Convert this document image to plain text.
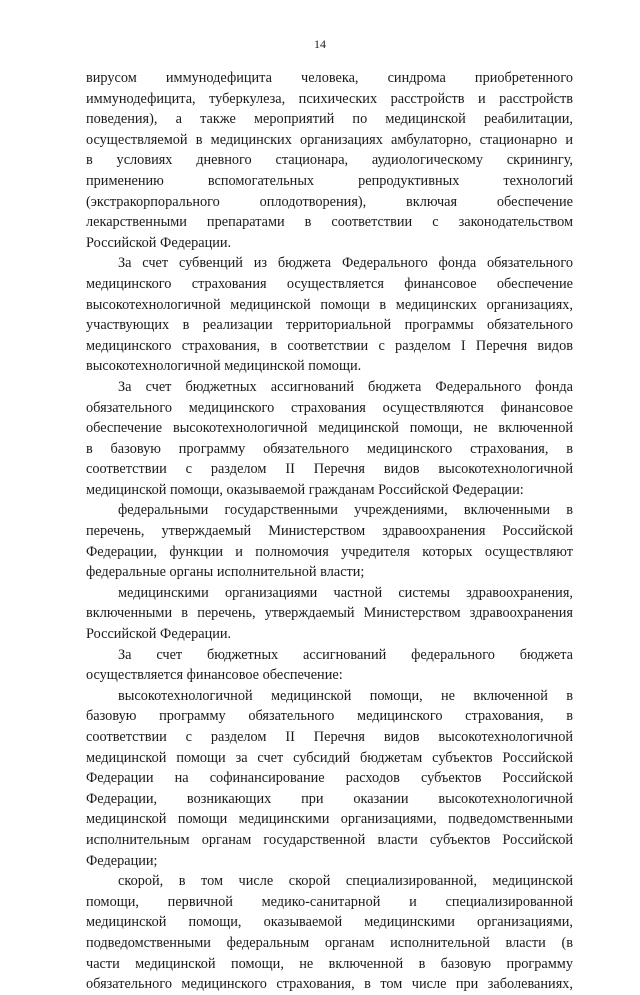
14
вирусом иммунодефицита человека, синдрома приобретенного
иммунодефицита, туберкулеза, психических расстройств и расстройств
поведения), а также мероприятий по медицинской реабилитации,
осуществляемой в медицинских организациях амбулаторно, стационарно и
в условиях дневного стационара, аудиологическому скринингу,
применению вспомогательных репродуктивных технологий
(экстракорпорального оплодотворения), включая обеспечение
лекарственными препаратами в соответствии с законодательством
Российской Федерации.
За счет субвенций из бюджета Федерального фонда обязательного
медицинского страхования осуществляется финансовое обеспечение
высокотехнологичной медицинской помощи в медицинских организациях,
участвующих в реализации территориальной программы обязательного
медицинского страхования, в соответствии с разделом I Перечня видов
высокотехнологичной медицинской помощи.
За счет бюджетных ассигнований бюджета Федерального фонда
обязательного медицинского страхования осуществляются финансовое
обеспечение высокотехнологичной медицинской помощи, не включенной
в базовую программу обязательного медицинского страхования, в
соответствии с разделом II Перечня видов высокотехнологичной
медицинской помощи, оказываемой гражданам Российской Федерации:
федеральными государственными учреждениями, включенными в
перечень, утверждаемый Министерством здравоохранения Российской
Федерации, функции и полномочия учредителя которых осуществляют
федеральные органы исполнительной власти;
медицинскими организациями частной системы здравоохранения,
включенными в перечень, утверждаемый Министерством здравоохранения
Российской Федерации.
За счет бюджетных ассигнований федерального бюджета
осуществляется финансовое обеспечение:
высокотехнологичной медицинской помощи, не включенной в
базовую программу обязательного медицинского страхования, в
соответствии с разделом II Перечня видов высокотехнологичной
медицинской помощи за счет субсидий бюджетам субъектов Российской
Федерации на софинансирование расходов субъектов Российской
Федерации, возникающих при оказании высокотехнологичной
медицинской помощи медицинскими организациями, подведомственными
исполнительным органам государственной власти субъектов Российской
Федерации;
скорой, в том числе скорой специализированной, медицинской
помощи, первичной медико-санитарной и специализированной
медицинской помощи, оказываемой медицинскими организациями,
подведомственными федеральным органам исполнительной власти (в
части медицинской помощи, не включенной в базовую программу
обязательного медицинского страхования, в том числе при заболеваниях,
